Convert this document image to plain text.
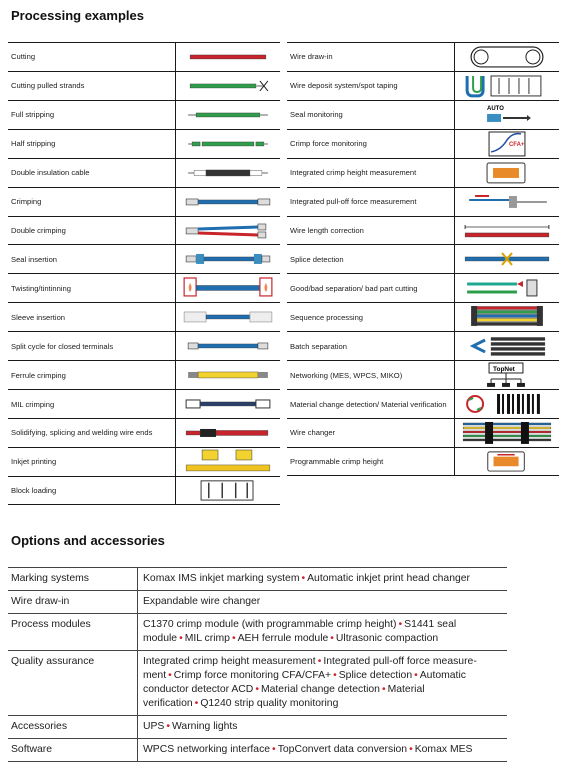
Processing examples
Cutting
Cutting pulled strands
Full stripping
Half stripping
Double insulation cable
Crimping
Double crimping
Seal insertion
Twisting/tintinning
Sleeve insertion
Split cycle for closed terminals
Ferrule crimping
MIL crimping
Solidifying, splicing and welding wire ends
Inkjet printing
Block loading
Wire draw-in
Wire deposit system/spot taping
Seal monitoring
AUTO
Crimp force monitoring	CFA+
Integrated crimp height measurement
Integrated pull-off force measurement
Wire length correction
Splice detection
Good/bad separation/ bad part cutting
Sequence processing
Batch separation
Networking (MES, WPCS, MIKO)
TopNet
Material change detection/ Material verification
Wire changer
Programmable crimp height
Options and accessories
Marking systems	Komax IMS inkjet marking system • Automatic inkjet print head changer
Wire draw-in	Expandable wire changer
Process modules	C1370 crimp module (with programmable crimp height) • S1441 seal module • MIL crimp • AEH ferrule module • Ultrasonic compaction
Quality assurance	Integrated crimp height measurement • Integrated pull-off force measure-ment • Crimp force monitoring CFA/CFA+ • Splice detection • Automatic conductor detector ACD • Material change detection • Material verification • Q1240 strip quality monitoring
Accessories	UPS • Warning lights
Software	WPCS networking interface • TopConvert data conversion • Komax MES
